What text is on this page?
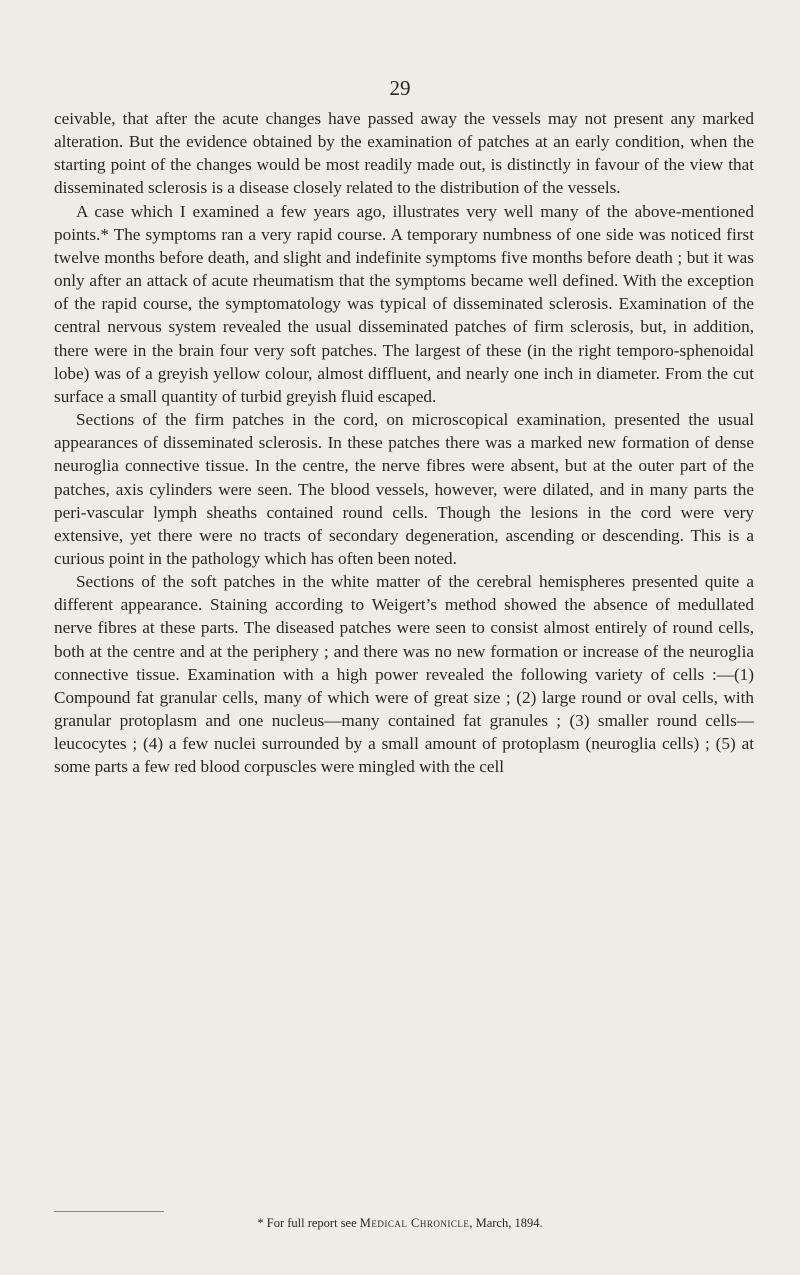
29

ceivable, that after the acute changes have passed away the vessels may not present any marked alteration. But the evidence obtained by the examination of patches at an early condition, when the starting point of the changes would be most readily made out, is distinctly in favour of the view that disseminated sclerosis is a disease closely related to the distribution of the vessels.

A case which I examined a few years ago, illustrates very well many of the above-mentioned points.* The symptoms ran a very rapid course. A temporary numbness of one side was noticed first twelve months before death, and slight and indefinite symptoms five months before death ; but it was only after an attack of acute rheumatism that the symptoms became well defined. With the exception of the rapid course, the symptomatology was typical of disseminated sclerosis. Examination of the central nervous system revealed the usual disseminated patches of firm sclerosis, but, in addition, there were in the brain four very soft patches. The largest of these (in the right temporo-sphenoidal lobe) was of a greyish yellow colour, almost diffluent, and nearly one inch in diameter. From the cut surface a small quantity of turbid greyish fluid escaped.

Sections of the firm patches in the cord, on microscopical examination, presented the usual appearances of disseminated sclerosis. In these patches there was a marked new formation of dense neuroglia connective tissue. In the centre, the nerve fibres were absent, but at the outer part of the patches, axis cylinders were seen. The blood vessels, however, were dilated, and in many parts the peri-vascular lymph sheaths contained round cells. Though the lesions in the cord were very extensive, yet there were no tracts of secondary degeneration, ascending or descending. This is a curious point in the pathology which has often been noted.

Sections of the soft patches in the white matter of the cerebral hemispheres presented quite a different appearance. Staining according to Weigert’s method showed the absence of medullated nerve fibres at these parts. The diseased patches were seen to consist almost entirely of round cells, both at the centre and at the periphery ; and there was no new formation or increase of the neuroglia connective tissue. Examination with a high power revealed the following variety of cells :—(1) Compound fat granular cells, many of which were of great size ; (2) large round or oval cells, with granular protoplasm and one nucleus—many contained fat granules ; (3) smaller round cells—leucocytes ; (4) a few nuclei surrounded by a small amount of protoplasm (neuroglia cells) ; (5) at some parts a few red blood corpuscles were mingled with the cell

* For full report see Medical Chronicle, March, 1894.
